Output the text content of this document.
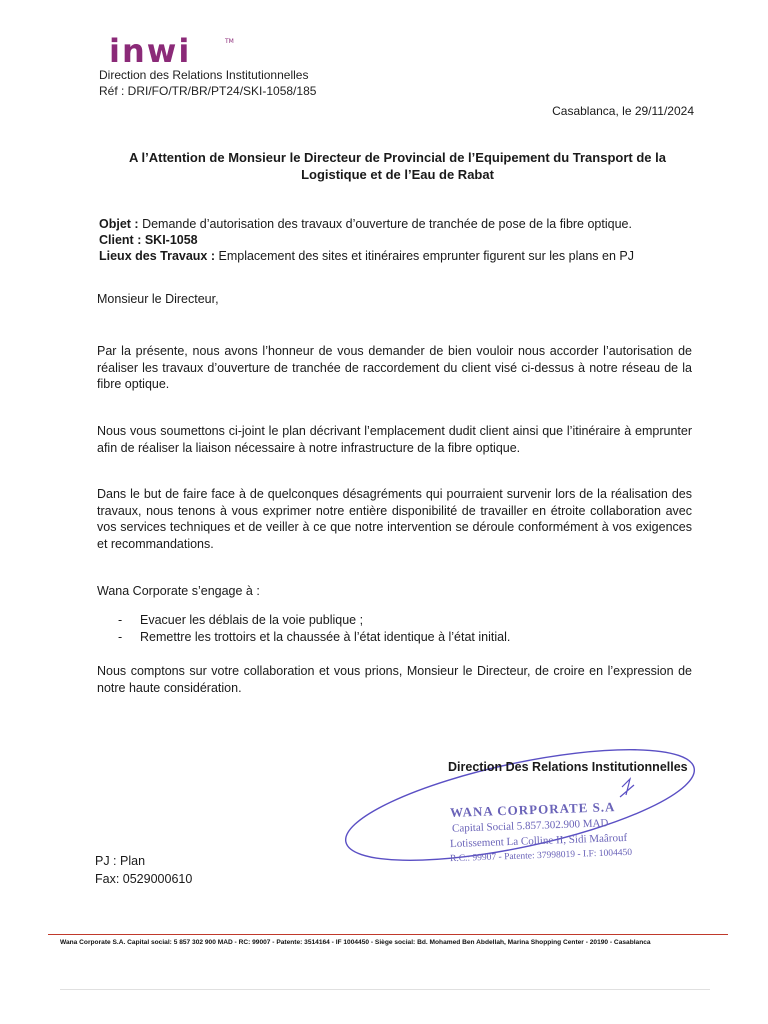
inwi	TM
Direction des Relations Institutionnelles
Réf : DRI/FO/TR/BR/PT24/SKI-1058/185
Casablanca, le 29/11/2024
A l’Attention de Monsieur le Directeur de Provincial de l’Equipement du Transport de la
Logistique et de l’Eau de Rabat
Objet : Demande d’autorisation des travaux d’ouverture de tranchée de pose de la fibre optique.
Client : SKI-1058
Lieux des Travaux : Emplacement des sites et itinéraires emprunter figurent sur les plans en PJ
Monsieur le Directeur,
Par la présente, nous avons l’honneur de vous demander de bien vouloir nous accorder l’autorisation de réaliser les travaux d’ouverture de tranchée de raccordement du client visé ci-dessus à notre réseau de la fibre optique.
Nous vous soumettons ci-joint le plan décrivant l’emplacement dudit client ainsi que l’itinéraire à emprunter afin de réaliser la liaison nécessaire à notre infrastructure de la fibre optique.
Dans le but de faire face à de quelconques désagréments qui pourraient survenir lors de la réalisation des travaux, nous tenons à vous exprimer notre entière disponibilité de travailler en étroite collaboration avec vos services techniques et de veiller à ce que notre intervention se déroule conformément à vos exigences et recommandations.
Wana Corporate s’engage à :
-	Evacuer les déblais de la voie publique ;
-	Remettre les trottoirs et la chaussée à l’état identique à l’état initial.
Nous comptons sur votre collaboration et vous prions, Monsieur le Directeur, de croire en l’expression de notre haute considération.
Direction Des Relations Institutionnelles
WANA CORPORATE S.A
Capital Social 5.857.302.900 MAD
Lotissement La Colline II, Sidi Maârouf
R.C.: 99907 - Patente: 37998019 - I.F: 1004450
PJ : Plan
Fax: 0529000610
Wana Corporate S.A. Capital social: 5 857 302 900 MAD - RC: 99007 - Patente: 3514164 - IF 1004450 - Siège social: Bd. Mohamed Ben Abdellah, Marina Shopping Center - 20190 - Casablanca
